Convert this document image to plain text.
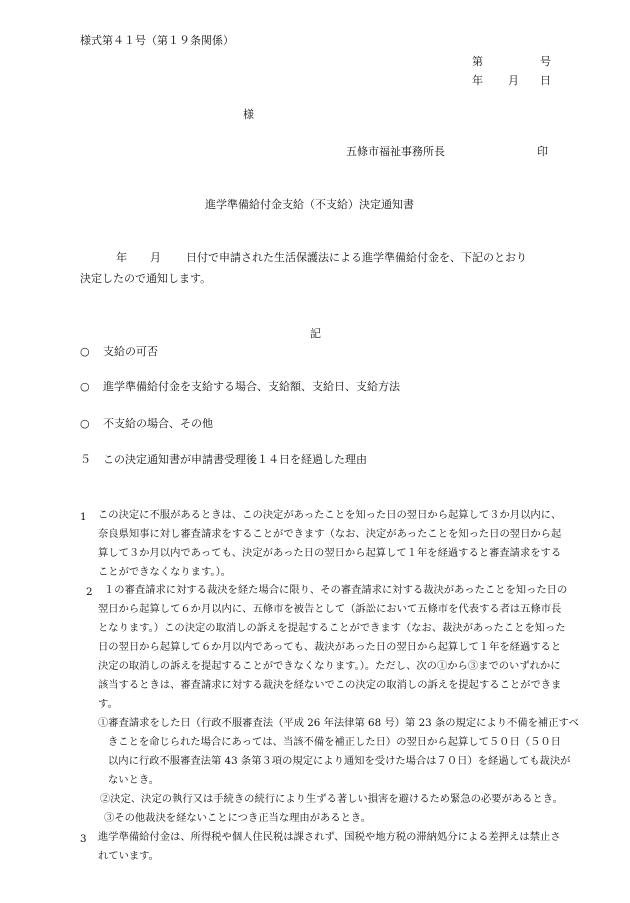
様式第４１号（第１９条関係）
第	号
年 月 日
様
五條市福祉事務所長	印
進学準備給付金支給（不支給）決定通知書
年 月 日付で申請された生活保護法による進学準備給付金を、下記のとおり
決定したので通知します。
記
○ 支給の可否
○ 進学準備給付金を支給する場合、支給額、支給日、支給方法
○ 不支給の場合、その他
５ この決定通知書が申請書受理後１４日を経過した理由
1 この決定に不服があるときは、この決定があったことを知った日の翌日から起算して３か月以内に、
奈良県知事に対し審査請求をすることができます（なお、決定があったことを知った日の翌日から起
算して３か月以内であっても、決定があった日の翌日から起算して１年を経過すると審査請求をする
ことができなくなります。）。
2 １の審査請求に対する裁決を経た場合に限り、その審査請求に対する裁決があったことを知った日の
翌日から起算して６か月以内に、五條市を被告として（訴訟において五條市を代表する者は五條市長
となります。）この決定の取消しの訴えを提起することができます（なお、裁決があったことを知った
日の翌日から起算して６か月以内であっても、裁決があった日の翌日から起算して１年を経過すると
決定の取消しの訴えを提起することができなくなります。）。ただし、次の①から③までのいずれかに
該当するときは、審査請求に対する裁決を経ないでこの決定の取消しの訴えを提起することができま
す。
①審査請求をした日（行政不服審査法（平成 26 年法律第 68 号）第 23 条の規定により不備を補正すべ
きことを命じられた場合にあっては、当該不備を補正した日）の翌日から起算して５０日（５０日
以内に行政不服審査法第 43 条第３項の規定により通知を受けた場合は７０日）を経過しても裁決が
ないとき。
②決定、決定の執行又は手続きの続行により生ずる著しい損害を避けるため緊急の必要があるとき。
③その他裁決を経ないことにつき正当な理由があるとき。
3 進学準備給付金は、所得税や個人住民税は課されず、国税や地方税の滞納処分による差押えは禁止さ
れています。
